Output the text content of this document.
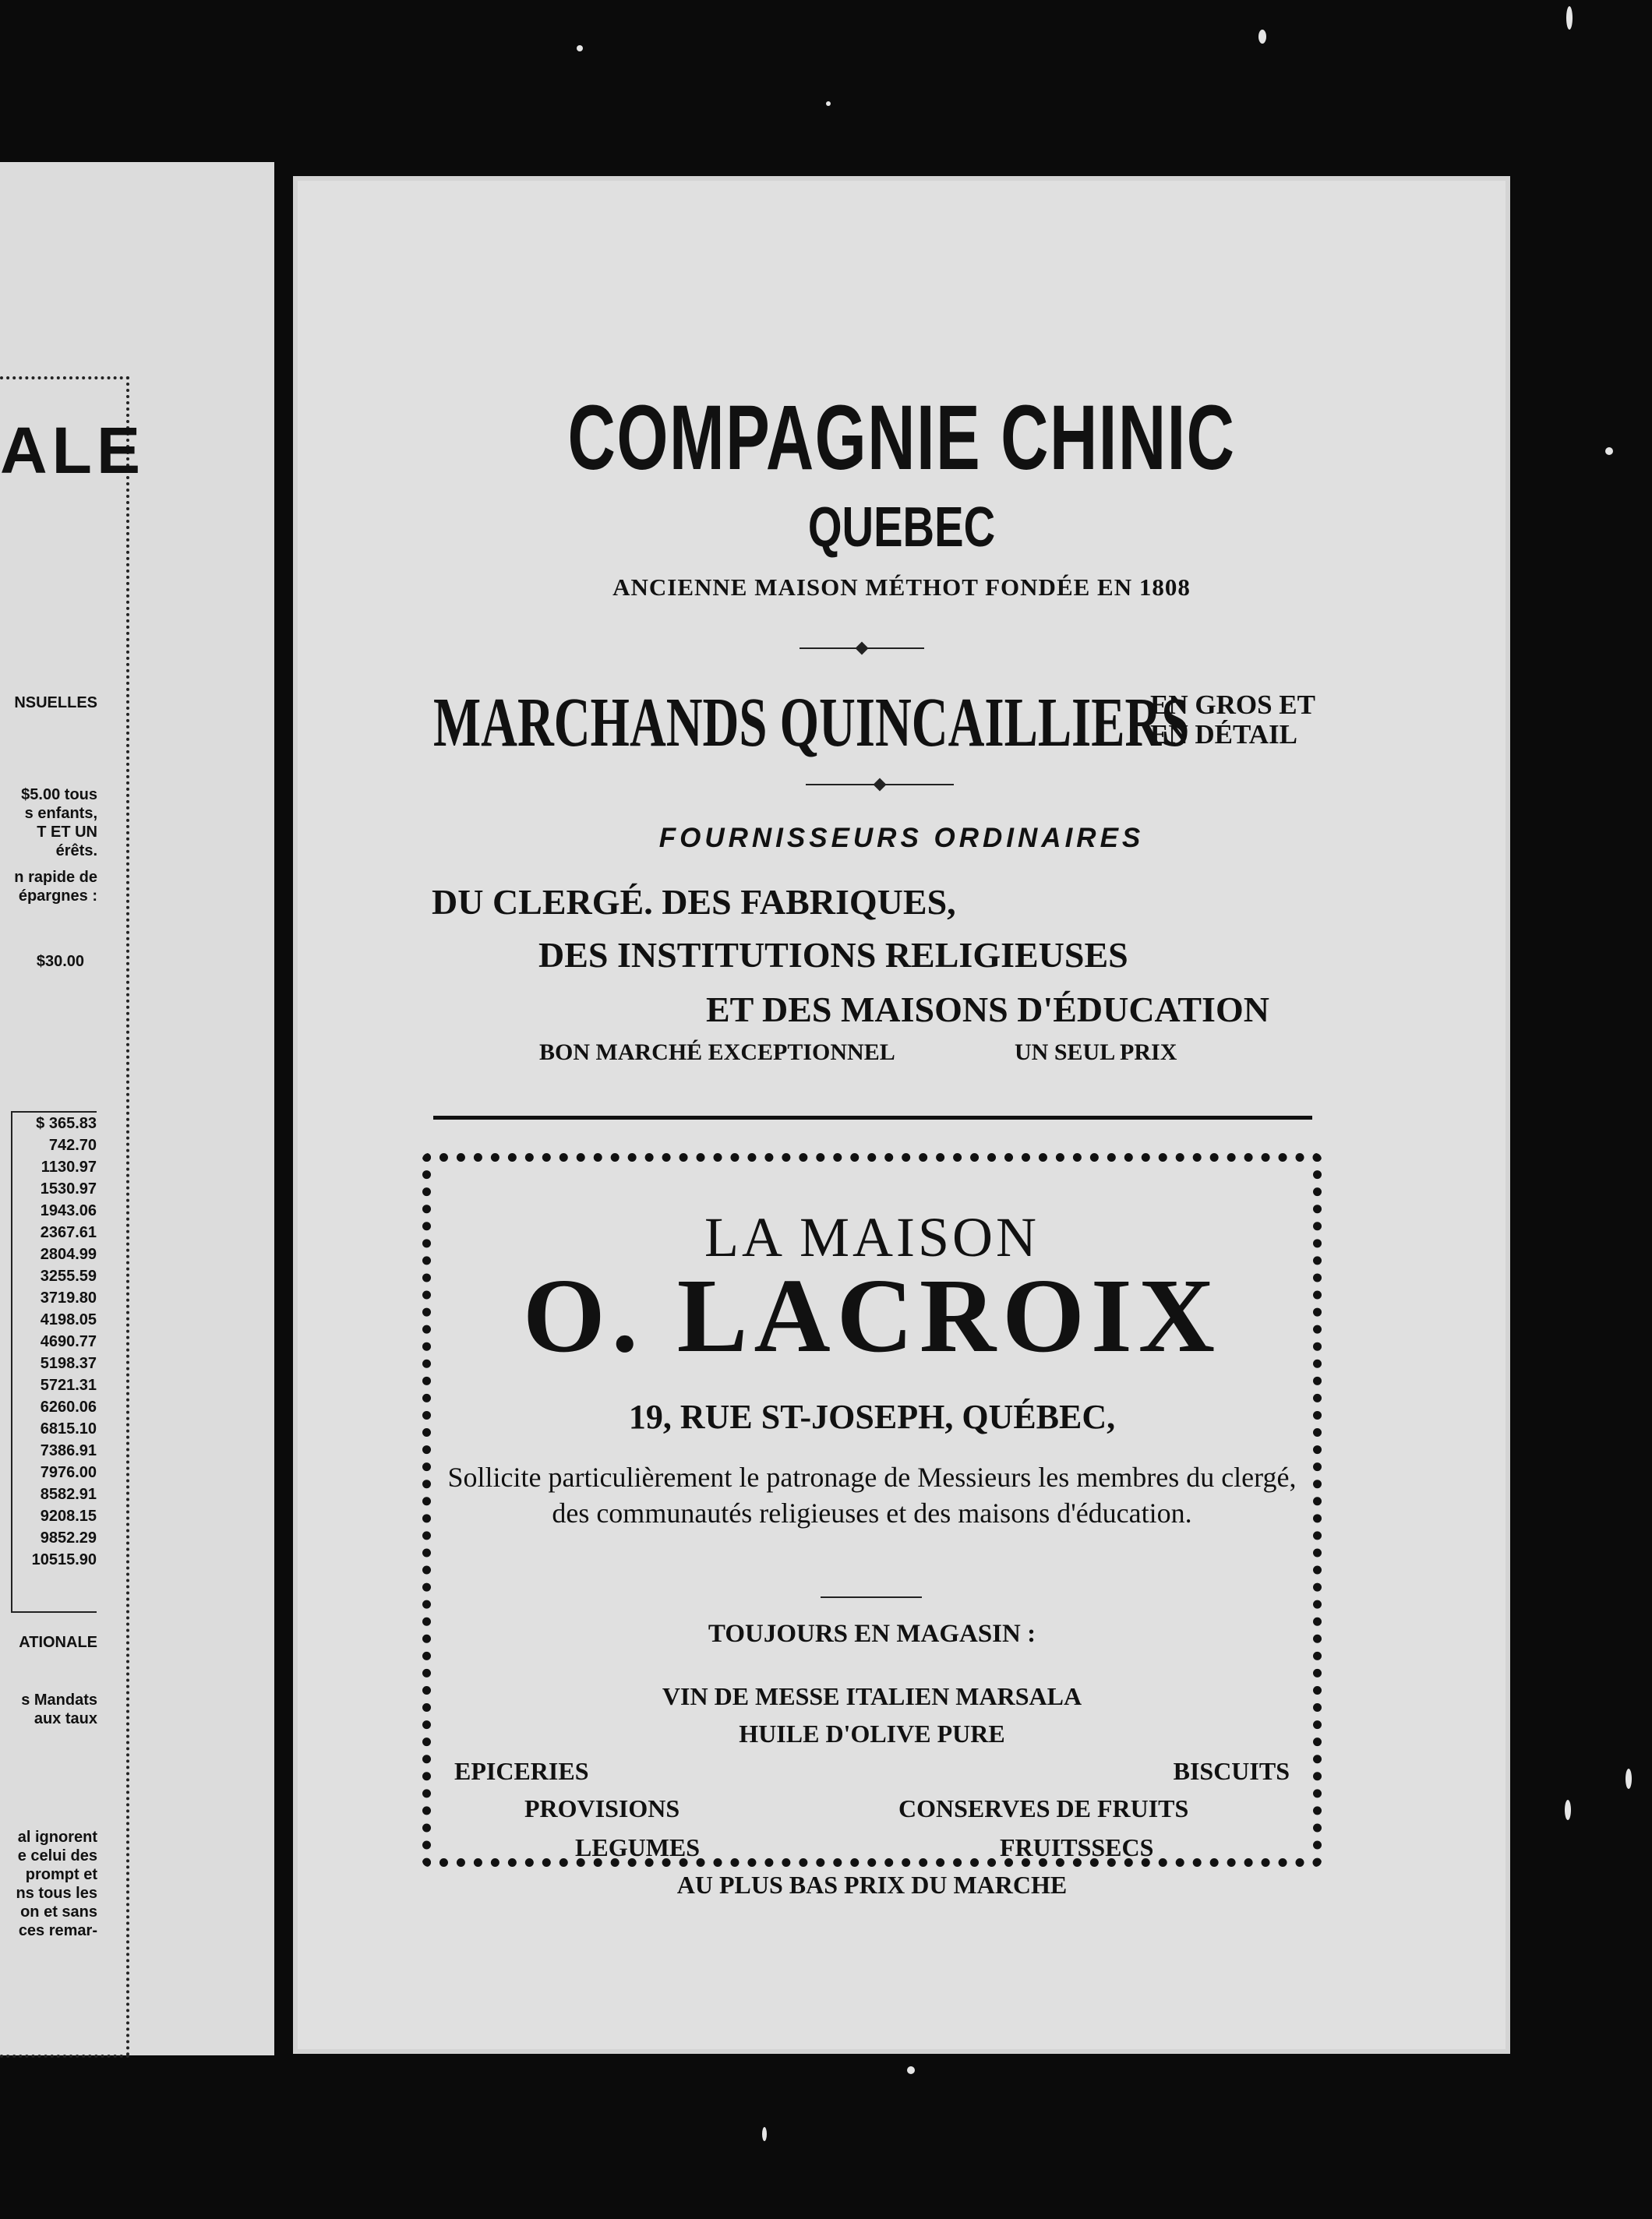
ALE
NSUELLES
$5.00 tous
s enfants,
T ET UN
érêts.
n rapide de
épargnes :
$30.00
$ 365.83
742.70
1130.97
1530.97
1943.06
2367.61
2804.99
3255.59
3719.80
4198.05
4690.77
5198.37
5721.31
6260.06
6815.10
7386.91
7976.00
8582.91
9208.15
9852.29
10515.90
ATIONALE
s Mandats
aux taux
al ignorent
e celui des
prompt et
ns tous les
on et sans
ces remar-
COMPAGNIE CHINIC
QUEBEC
ANCIENNE MAISON MÉTHOT FONDÉE EN 1808
MARCHANDS QUINCAILLIERS
EN GROS ET
EN DÉTAIL
FOURNISSEURS ORDINAIRES
DU CLERGÉ. DES FABRIQUES,
DES INSTITUTIONS RELIGIEUSES
ET DES MAISONS D'ÉDUCATION
BON MARCHÉ EXCEPTIONNEL	UN SEUL PRIX
LA MAISON
O. LACROIX
19, RUE ST-JOSEPH, QUÉBEC,
Sollicite particulièrement le patronage de Messieurs les membres du clergé, des communautés religieuses et des maisons d'éducation.
TOUJOURS EN MAGASIN :
VIN DE MESSE ITALIEN MARSALA
HUILE D'OLIVE PURE
EPICERIES	BISCUITS
PROVISIONS	CONSERVES DE FRUITS
LEGUMES	FRUITSSECS
AU PLUS BAS PRIX DU MARCHE
